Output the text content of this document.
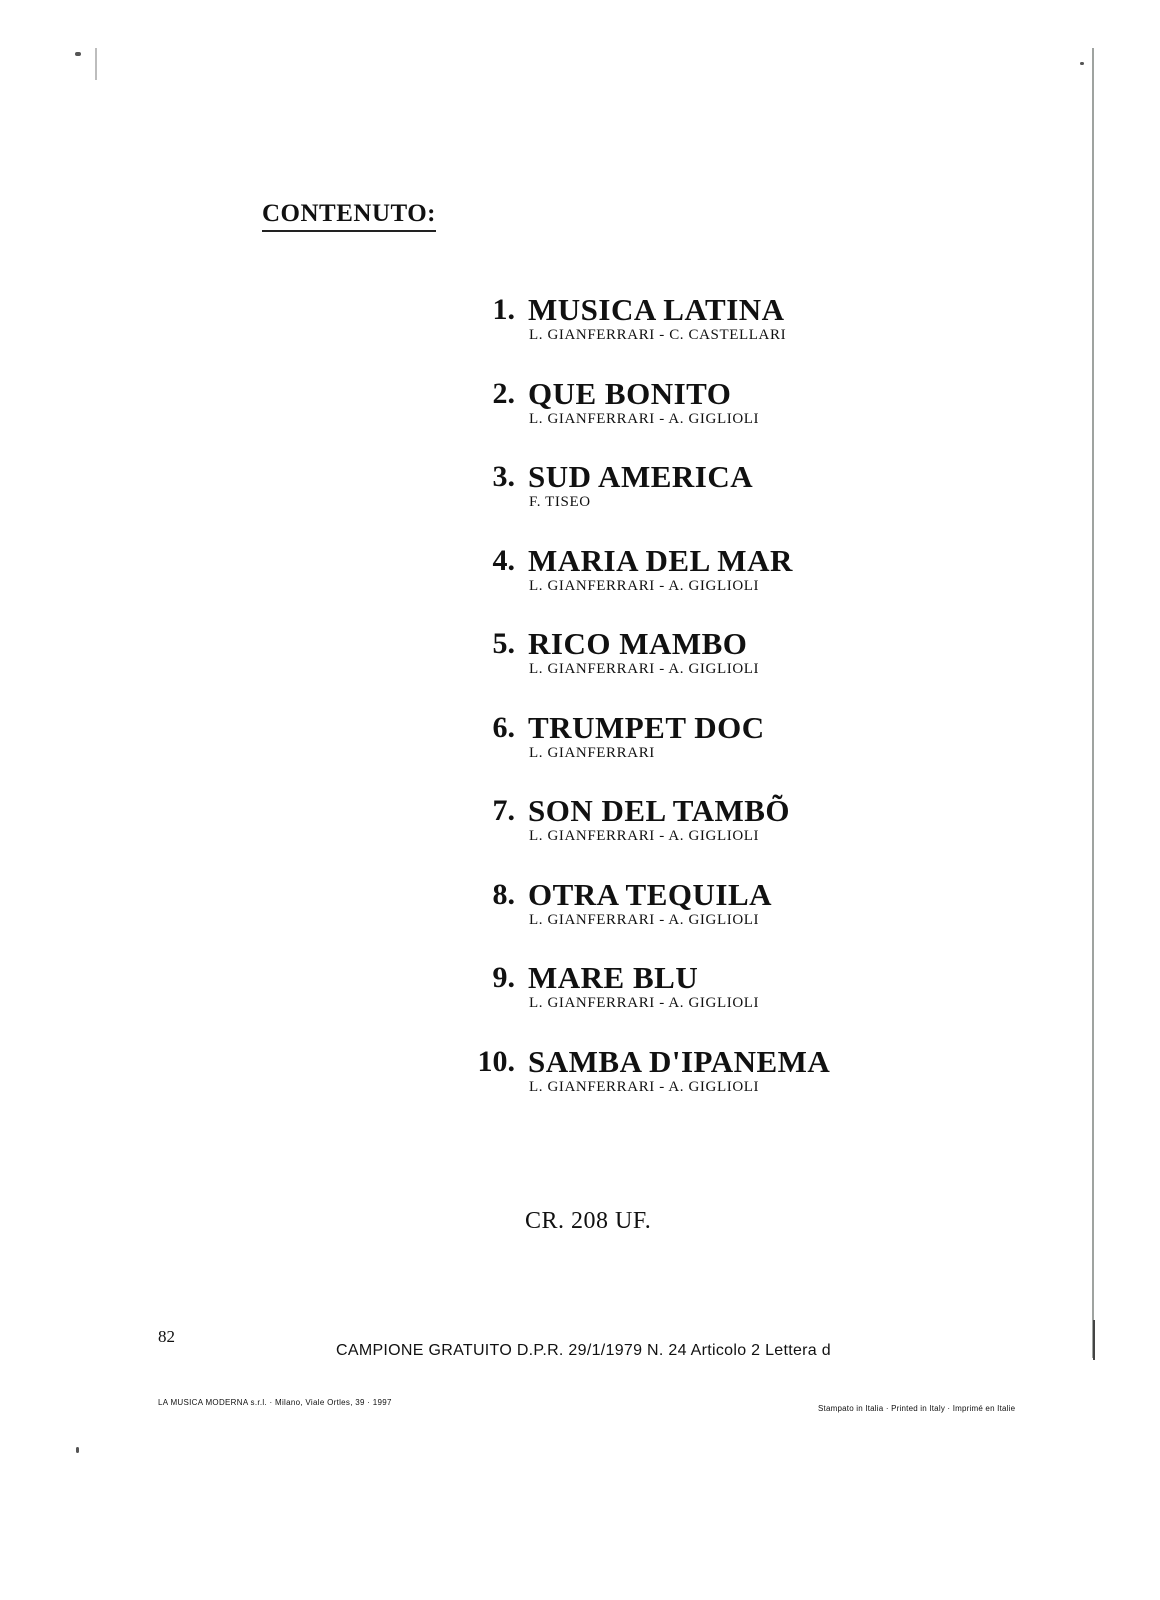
CONTENUTO:
1. MUSICA LATINA
L. GIANFERRARI - C. CASTELLARI
2. QUE BONITO
L. GIANFERRARI - A. GIGLIOLI
3. SUD AMERICA
F. TISEO
4. MARIA DEL MAR
L. GIANFERRARI - A. GIGLIOLI
5. RICO MAMBO
L. GIANFERRARI - A. GIGLIOLI
6. TRUMPET DOC
L. GIANFERRARI
7. SON DEL TAMBÕ
L. GIANFERRARI - A. GIGLIOLI
8. OTRA TEQUILA
L. GIANFERRARI - A. GIGLIOLI
9. MARE BLU
L. GIANFERRARI - A. GIGLIOLI
10. SAMBA D'IPANEMA
L. GIANFERRARI - A. GIGLIOLI
CR. 208 UF.
82
CAMPIONE GRATUITO D.P.R. 29/1/1979 N. 24 Articolo 2 Lettera d
LA MUSICA MODERNA s.r.l. · Milano, Viale Ortles, 39 · 1997
Stampato in Italia · Printed in Italy · Imprimé en Italie
